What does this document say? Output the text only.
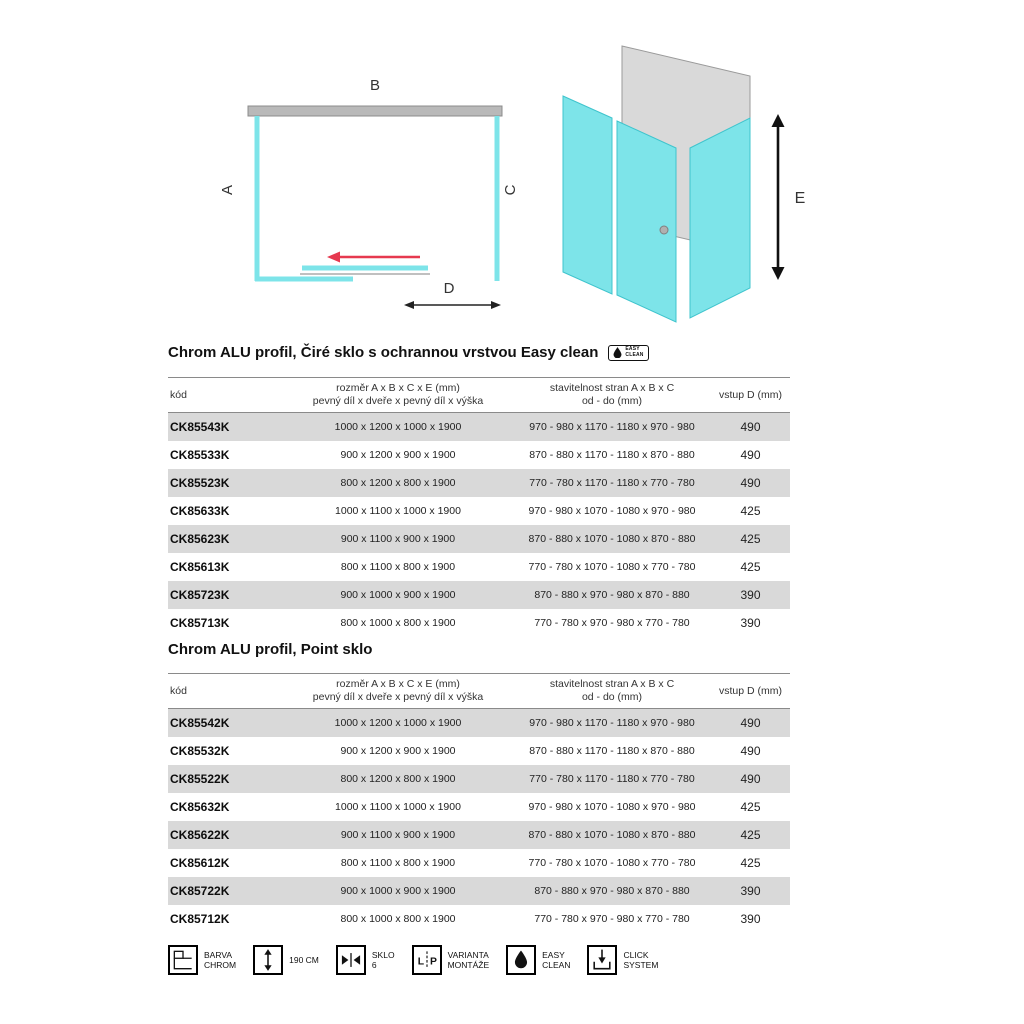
B
A	C
D
E
Chrom ALU profil, Čiré sklo s ochrannou vrstvou Easy clean	EASY
CLEAN
kód	
rozměr A x B x C x E (mm)
pevný díl x dveře x pevný díl x výška

stavitelnost stran A x B x C
od - do (mm)
	vstup D (mm)
CK85543K	1000 x 1200 x 1000 x 1900	970 - 980 x 1170 - 1180 x 970 - 980	490
CK85533K	900 x 1200 x 900 x 1900	870 - 880 x 1170 - 1180 x 870 - 880	490
CK85523K	800 x 1200 x 800 x 1900	770 - 780 x 1170 - 1180 x 770 - 780	490
CK85633K	1000 x 1100 x 1000 x 1900	970 - 980 x 1070 - 1080 x 970 - 980	425
CK85623K	900 x 1100 x 900 x 1900	870 - 880 x 1070 - 1080 x 870 - 880	425
CK85613K	800 x 1100 x 800 x 1900	770 - 780 x 1070 - 1080 x 770 - 780	425
CK85723K	900 x 1000 x 900 x 1900	870 - 880 x 970 - 980 x 870 - 880	390
CK85713K	800 x 1000 x 800 x 1900	770 - 780 x 970 - 980 x 770 - 780	390
Chrom ALU profil, Point sklo
kód	
rozměr A x B x C x E (mm)
pevný díl x dveře x pevný díl x výška

stavitelnost stran A x B x C
od - do (mm)
	vstup D (mm)
CK85542K	1000 x 1200 x 1000 x 1900	970 - 980 x 1170 - 1180 x 970 - 980	490
CK85532K	900 x 1200 x 900 x 1900	870 - 880 x 1170 - 1180 x 870 - 880	490
CK85522K	800 x 1200 x 800 x 1900	770 - 780 x 1170 - 1180 x 770 - 780	490
CK85632K	1000 x 1100 x 1000 x 1900	970 - 980 x 1070 - 1080 x 970 - 980	425
CK85622K	900 x 1100 x 900 x 1900	870 - 880 x 1070 - 1080 x 870 - 880	425
CK85612K	800 x 1100 x 800 x 1900	770 - 780 x 1070 - 1080 x 770 - 780	425
CK85722K	900 x 1000 x 900 x 1900	870 - 880 x 970 - 980 x 870 - 880	390
CK85712K	800 x 1000 x 800 x 1900	770 - 780 x 970 - 980 x 770 - 780	390
BARVA
CHROM
190 CM
SKLO
6	L P
VARIANTA
MONTÁŽE
EASY
CLEAN
CLICK
SYSTEM
